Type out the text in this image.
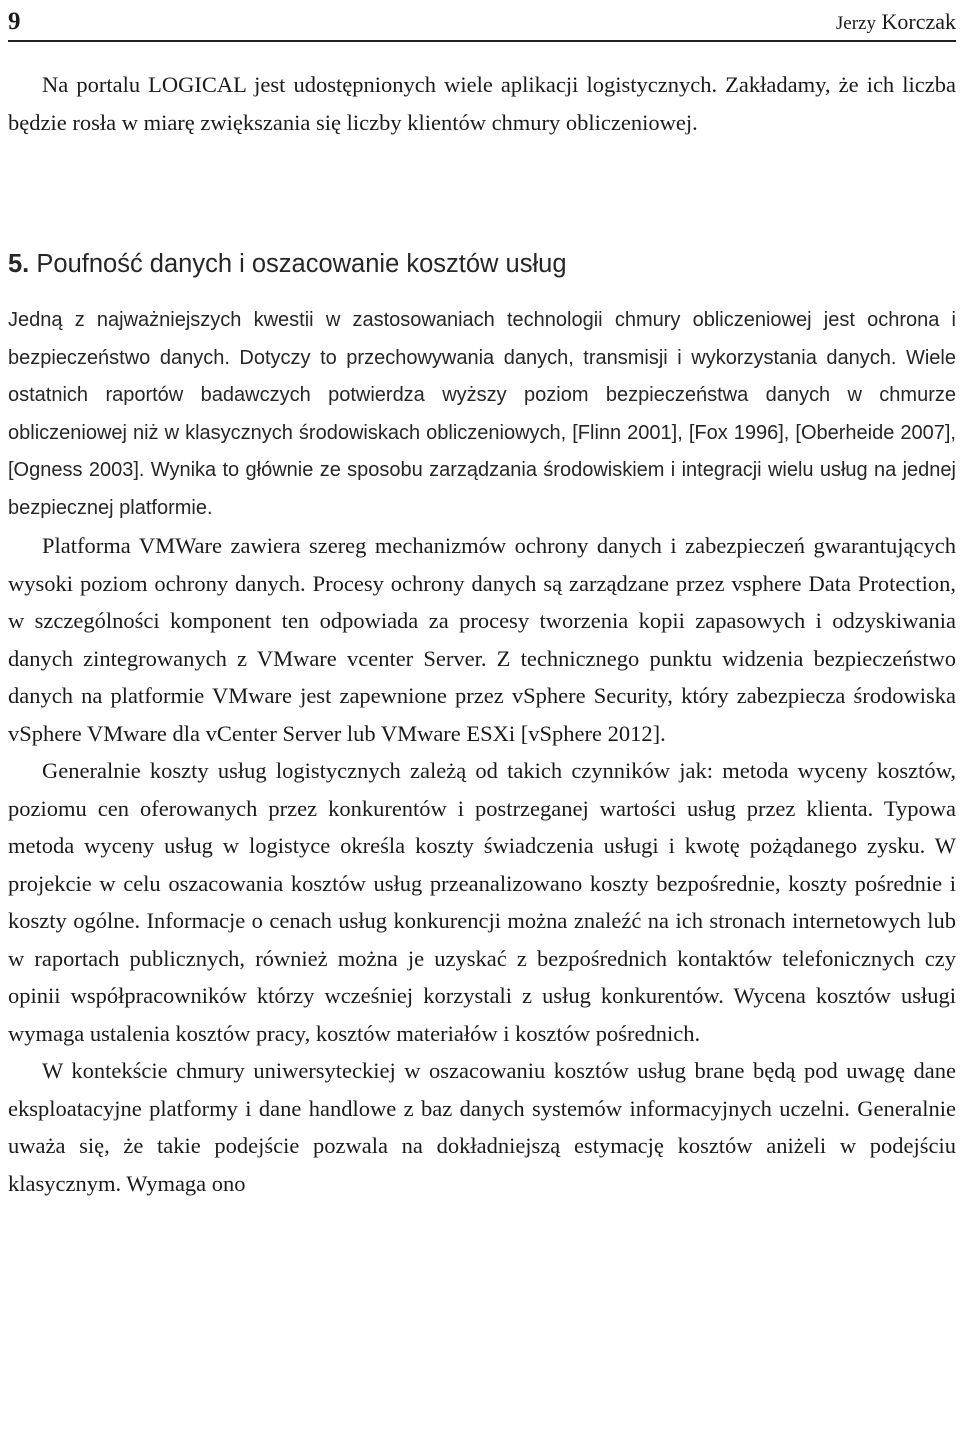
9	Jerzy Korczak

Na portalu LOGICAL jest udostępnionych wiele aplikacji logistycznych. Zakładamy, że ich liczba będzie rosła w miarę zwiększania się liczby klientów chmury obliczeniowej.

5. Poufność danych i oszacowanie kosztów usług

Jedną z najważniejszych kwestii w zastosowaniach technologii chmury obliczeniowej jest ochrona i bezpieczeństwo danych. Dotyczy to przechowywania danych, transmisji i wykorzystania danych. Wiele ostatnich raportów badawczych potwierdza wyższy poziom bezpieczeństwa danych w chmurze obliczeniowej niż w klasycznych środowiskach obliczeniowych, [Flinn 2001], [Fox 1996], [Oberheide 2007], [Ogness 2003]. Wynika to głównie ze sposobu zarządzania środowiskiem i integracji wielu usług na jednej bezpiecznej platformie.

Platforma VMWare zawiera szereg mechanizmów ochrony danych i zabezpieczeń gwarantujących wysoki poziom ochrony danych. Procesy ochrony danych są zarządzane przez vsphere Data Protection, w szczególności komponent ten odpowiada za procesy tworzenia kopii zapasowych i odzyskiwania danych zintegrowanych z VMware vcenter Server. Z technicznego punktu widzenia bezpieczeństwo danych na platformie VMware jest zapewnione przez vSphere Security, który zabezpiecza środowiska vSphere VMware dla vCenter Server lub VMware ESXi [vSphere 2012].

Generalnie koszty usług logistycznych zależą od takich czynników jak: metoda wyceny kosztów, poziomu cen oferowanych przez konkurentów i postrzeganej wartości usług przez klienta. Typowa metoda wyceny usług w logistyce określa koszty świadczenia usługi i kwotę pożądanego zysku. W projekcie w celu oszacowania kosztów usług przeanalizowano koszty bezpośrednie, koszty pośrednie i koszty ogólne. Informacje o cenach usług konkurencji można znaleźć na ich stronach internetowych lub w raportach publicznych, również można je uzyskać z bezpośrednich kontaktów telefonicznych czy opinii współpracowników którzy wcześniej korzystali z usług konkurentów. Wycena kosztów usługi wymaga ustalenia kosztów pracy, kosztów materiałów i kosztów pośrednich.

W kontekście chmury uniwersyteckiej w oszacowaniu kosztów usług brane będą pod uwagę dane eksploatacyjne platformy i dane handlowe z baz danych systemów informacyjnych uczelni. Generalnie uważa się, że takie podejście pozwala na dokładniejszą estymację kosztów aniżeli w podejściu klasycznym. Wymaga ono
